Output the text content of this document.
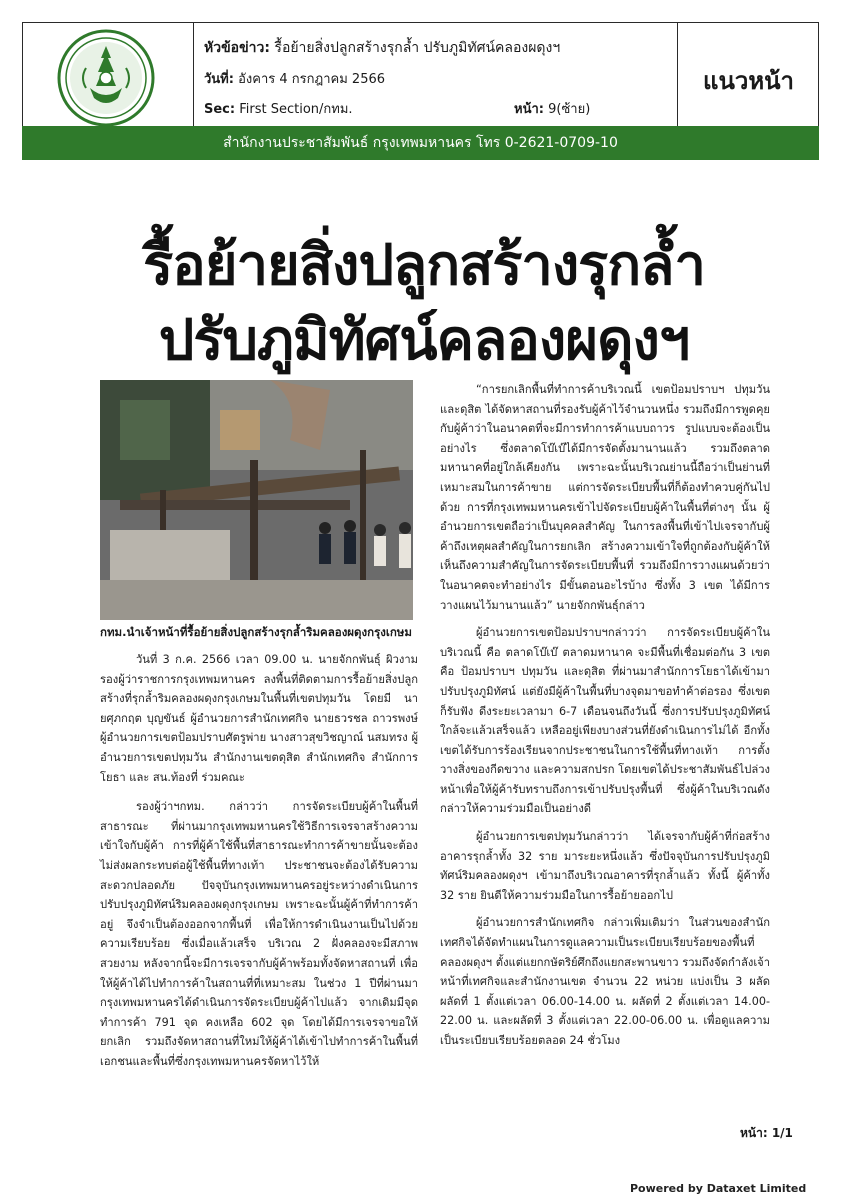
หัวข้อข่าว: รื้อย้ายสิ่งปลูกสร้างรุกล้ำ ปรับภูมิทัศน์คลองผดุงฯ
วันที่: อังคาร 4 กรกฎาคม 2566
Sec: First Section/กทม.	หน้า: 9(ซ้าย)
แนวหน้า
สำนักงานประชาสัมพันธ์ กรุงเทพมหานคร โทร 0-2621-0709-10
รื้อย้ายสิ่งปลูกสร้างรุกล้ำ
ปรับภูมิทัศน์คลองผดุงฯ
กทม.นำเจ้าหน้าที่รื้อย้ายสิ่งปลูกสร้างรุกล้ำริมคลองผดุงกรุงเกษม

วันที่ 3 ก.ค. 2566 เวลา 09.00 น. นายจักกพันธุ์ ผิวงาม รองผู้ว่าราชการกรุงเทพมหานคร ลงพื้นที่ติดตามการรื้อย้ายสิ่งปลูกสร้างที่รุกล้ำริมคลองผดุงกรุงเกษมในพื้นที่เขตปทุมวัน โดยมี นายศุภกฤต บุญขันธ์ ผู้อำนวยการสำนักเทศกิจ นายธวรชล ถาวรพงษ์ ผู้อำนวยการเขตป้อมปราบศัตรูพ่าย นางสาวสุขวิชญาณ์ นสมทรง ผู้อำนวยการเขตปทุมวัน สำนักงานเขตดุสิต สำนักเทศกิจ สำนักการโยธา และ สน.ท้องที่ ร่วมคณะ

รองผู้ว่าฯกทม. กล่าวว่า การจัดระเบียบผู้ค้าในพื้นที่สาธารณะ ที่ผ่านมากรุงเทพมหานครใช้วิธีการเจรจาสร้างความเข้าใจกับผู้ค้า การที่ผู้ค้าใช้พื้นที่สาธารณะทำการค้าขายนั้นจะต้องไม่ส่งผลกระทบต่อผู้ใช้พื้นที่ทางเท้า ประชาชนจะต้องได้รับความสะดวกปลอดภัย ปัจจุบันกรุงเทพมหานครอยู่ระหว่างดำเนินการปรับปรุงภูมิทัศน์ริมคลองผดุงกรุงเกษม เพราะฉะนั้นผู้ค้าที่ทำการค้าอยู่ จึงจำเป็นต้องออกจากพื้นที่ เพื่อให้การดำเนินงานเป็นไปด้วยความเรียบร้อย ซึ่งเมื่อแล้วเสร็จ บริเวณ 2 ฝั่งคลองจะมีสภาพสวยงาม หลังจากนี้จะมีการเจรจากับผู้ค้าพร้อมทั้งจัดหาสถานที่ เพื่อให้ผู้ค้าได้ไปทำการค้าในสถานที่ที่เหมาะสม ในช่วง 1 ปีที่ผ่านมา กรุงเทพมหานครได้ดำเนินการจัดระเบียบผู้ค้าไปแล้ว จากเดิมมีจุดทำการค้า 791 จุด คงเหลือ 602 จุด โดยได้มีการเจรจาขอให้ยกเลิก รวมถึงจัดหาสถานที่ใหม่ให้ผู้ค้าได้เข้าไปทำการค้าในพื้นที่เอกชนและพื้นที่ซึ่งกรุงเทพมหานครจัดหาไว้ให้

“การยกเลิกพื้นที่ทำการค้าบริเวณนี้ เขตป้อมปราบฯ ปทุมวัน และดุสิต ได้จัดหาสถานที่รองรับผู้ค้าไว้จำนวนหนึ่ง รวมถึงมีการพูดคุยกับผู้ค้าว่าในอนาคตที่จะมีการทำการค้าแบบถาวร รูปแบบจะต้องเป็นอย่างไร ซึ่งตลาดโบ๊เบ๊ได้มีการจัดตั้งมานานแล้ว รวมถึงตลาดมหานาคที่อยู่ใกล้เคียงกัน เพราะฉะนั้นบริเวณย่านนี้ถือว่าเป็นย่านที่เหมาะสมในการค้าขาย แต่การจัดระเบียบพื้นที่ก็ต้องทำควบคู่กันไปด้วย การที่กรุงเทพมหานครเข้าไปจัดระเบียบผู้ค้าในพื้นที่ต่างๆ นั้น ผู้อำนวยการเขตถือว่าเป็นบุคคลสำคัญ ในการลงพื้นที่เข้าไปเจรจากับผู้ค้าถึงเหตุผลสำคัญในการยกเลิก สร้างความเข้าใจที่ถูกต้องกับผู้ค้าให้เห็นถึงความสำคัญในการจัดระเบียบพื้นที่ รวมถึงมีการวางแผนด้วยว่าในอนาคตจะทำอย่างไร มีขั้นตอนอะไรบ้าง ซึ่งทั้ง 3 เขต ได้มีการวางแผนไว้มานานแล้ว” นายจักกพันธุ์กล่าว

ผู้อำนวยการเขตป้อมปราบฯกล่าวว่า การจัดระเบียบผู้ค้าในบริเวณนี้ คือ ตลาดโบ๊เบ๊ ตลาดมหานาค จะมีพื้นที่เชื่อมต่อกัน 3 เขต คือ ป้อมปราบฯ ปทุมวัน และดุสิต ที่ผ่านมาสำนักการโยธาได้เข้ามาปรับปรุงภูมิทัศน์ แต่ยังมีผู้ค้าในพื้นที่บางจุดมาขอทำค้าต่อรอง ซึ่งเขตก็รับฟัง ดีงระยะเวลามา 6-7 เดือนจนถึงวันนี้ ซึ่งการปรับปรุงภูมิทัศน์ใกล้จะแล้วเสร็จแล้ว เหลืออยู่เพียงบางส่วนที่ยังดำเนินการไม่ได้ อีกทั้งเขตได้รับการร้องเรียนจากประชาชนในการใช้พื้นที่ทางเท้า การตั้งวางสิ่งของกีดขวาง และความสกปรก โดยเขตได้ประชาสัมพันธ์ไปล่วงหน้าเพื่อให้ผู้ค้ารับทราบถึงการเข้าปรับปรุงพื้นที่ ซึ่งผู้ค้าในบริเวณดังกล่าวให้ความร่วมมือเป็นอย่างดี

ผู้อำนวยการเขตปทุมวันกล่าวว่า ได้เจรจากับผู้ค้าที่ก่อสร้างอาคารรุกล้ำทั้ง 32 ราย มาระยะหนึ่งแล้ว ซึ่งปัจจุบันการปรับปรุงภูมิทัศน์ริมคลองผดุงฯ เข้ามาถึงบริเวณอาคารที่รุกล้ำแล้ว ทั้งนี้ ผู้ค้าทั้ง 32 ราย ยินดีให้ความร่วมมือในการรื้อย้ายออกไป

ผู้อำนวยการสำนักเทศกิจ กล่าวเพิ่มเติมว่า ในส่วนของสำนักเทศกิจได้จัดทำแผนในการดูแลความเป็นระเบียบเรียบร้อยของพื้นที่คลองผดุงฯ ตั้งแต่แยกกษัตริย์ศึกถึงแยกสะพานขาว รวมถึงจัดกำลังเจ้าหน้าที่เทศกิจและสำนักงานเขต จำนวน 22 หน่วย แบ่งเป็น 3 ผลัด ผลัดที่ 1 ตั้งแต่เวลา 06.00-14.00 น. ผลัดที่ 2 ตั้งแต่เวลา 14.00-22.00 น. และผลัดที่ 3 ตั้งแต่เวลา 22.00-06.00 น. เพื่อดูแลความเป็นระเบียบเรียบร้อยตลอด 24 ชั่วโมง

หน้า: 1/1
Powered by Dataxet Limited
